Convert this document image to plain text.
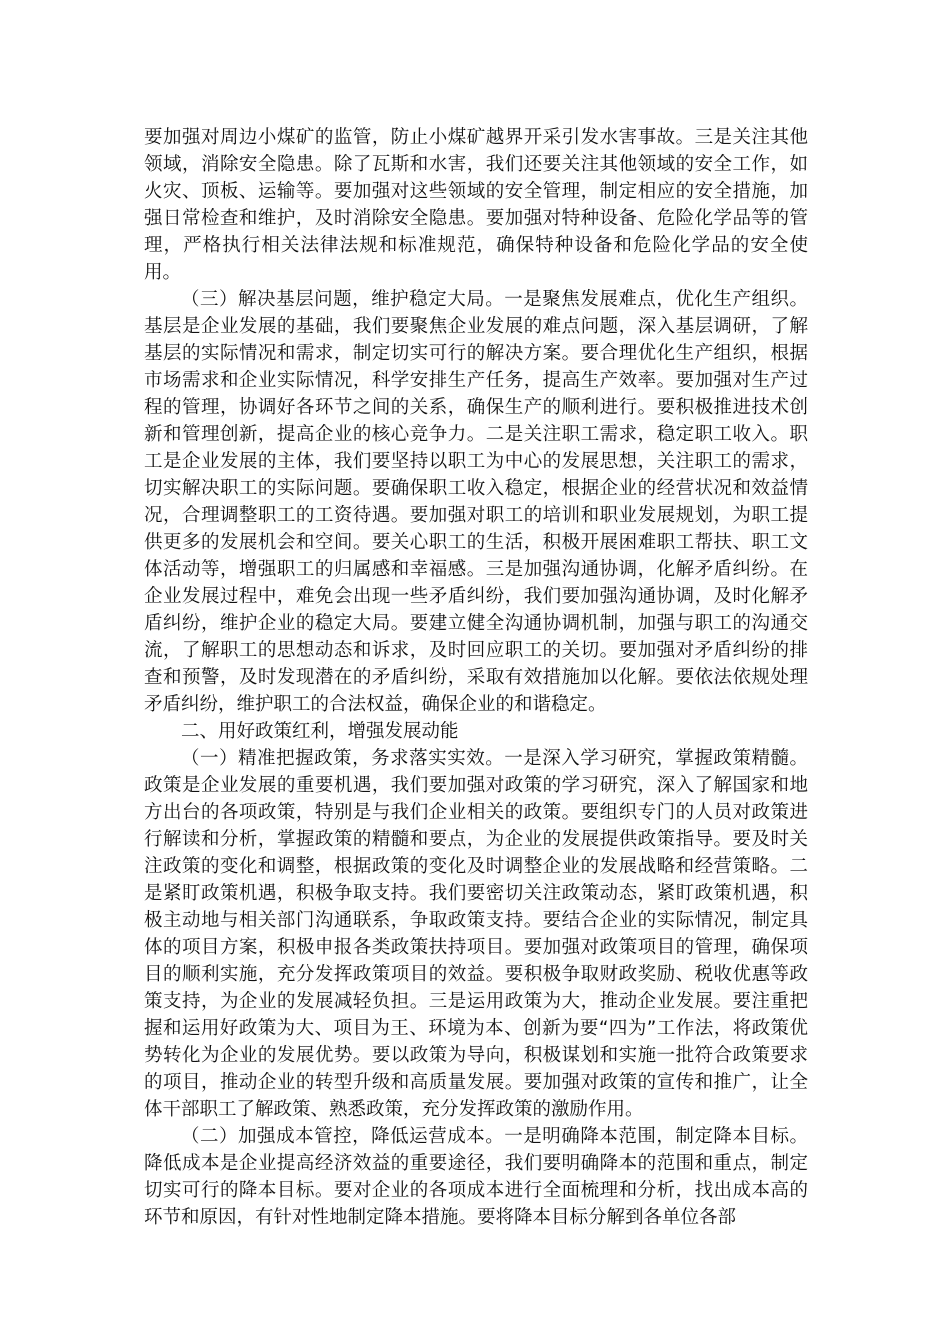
要加强对周边小煤矿的监管，防止小煤矿越界开采引发水害事故。三是关注其他领域，消除安全隐患。除了瓦斯和水害，我们还要关注其他领域的安全工作，如火灾、顶板、运输等。要加强对这些领域的安全管理，制定相应的安全措施，加强日常检查和维护，及时消除安全隐患。要加强对特种设备、危险化学品等的管理，严格执行相关法律法规和标准规范，确保特种设备和危险化学品的安全使用。

（三）解决基层问题，维护稳定大局。一是聚焦发展难点，优化生产组织。基层是企业发展的基础，我们要聚焦企业发展的难点问题，深入基层调研，了解基层的实际情况和需求，制定切实可行的解决方案。要合理优化生产组织，根据市场需求和企业实际情况，科学安排生产任务，提高生产效率。要加强对生产过程的管理，协调好各环节之间的关系，确保生产的顺利进行。要积极推进技术创新和管理创新，提高企业的核心竞争力。二是关注职工需求，稳定职工收入。职工是企业发展的主体，我们要坚持以职工为中心的发展思想，关注职工的需求，切实解决职工的实际问题。要确保职工收入稳定，根据企业的经营状况和效益情况，合理调整职工的工资待遇。要加强对职工的培训和职业发展规划，为职工提供更多的发展机会和空间。要关心职工的生活，积极开展困难职工帮扶、职工文体活动等，增强职工的归属感和幸福感。三是加强沟通协调，化解矛盾纠纷。在企业发展过程中，难免会出现一些矛盾纠纷，我们要加强沟通协调，及时化解矛盾纠纷，维护企业的稳定大局。要建立健全沟通协调机制，加强与职工的沟通交流，了解职工的思想动态和诉求，及时回应职工的关切。要加强对矛盾纠纷的排查和预警，及时发现潜在的矛盾纠纷，采取有效措施加以化解。要依法依规处理矛盾纠纷，维护职工的合法权益，确保企业的和谐稳定。

二、用好政策红利，增强发展动能

（一）精准把握政策，务求落实实效。一是深入学习研究，掌握政策精髓。政策是企业发展的重要机遇，我们要加强对政策的学习研究，深入了解国家和地方出台的各项政策，特别是与我们企业相关的政策。要组织专门的人员对政策进行解读和分析，掌握政策的精髓和要点，为企业的发展提供政策指导。要及时关注政策的变化和调整，根据政策的变化及时调整企业的发展战略和经营策略。二是紧盯政策机遇，积极争取支持。我们要密切关注政策动态，紧盯政策机遇，积极主动地与相关部门沟通联系，争取政策支持。要结合企业的实际情况，制定具体的项目方案，积极申报各类政策扶持项目。要加强对政策项目的管理，确保项目的顺利实施，充分发挥政策项目的效益。要积极争取财政奖励、税收优惠等政策支持，为企业的发展减轻负担。三是运用政策为大，推动企业发展。要注重把握和运用好政策为大、项目为王、环境为本、创新为要“四为”工作法，将政策优势转化为企业的发展优势。要以政策为导向，积极谋划和实施一批符合政策要求的项目，推动企业的转型升级和高质量发展。要加强对政策的宣传和推广，让全体干部职工了解政策、熟悉政策，充分发挥政策的激励作用。

（二）加强成本管控，降低运营成本。一是明确降本范围，制定降本目标。降低成本是企业提高经济效益的重要途径，我们要明确降本的范围和重点，制定切实可行的降本目标。要对企业的各项成本进行全面梳理和分析，找出成本高的环节和原因，有针对性地制定降本措施。要将降本目标分解到各单位各部
